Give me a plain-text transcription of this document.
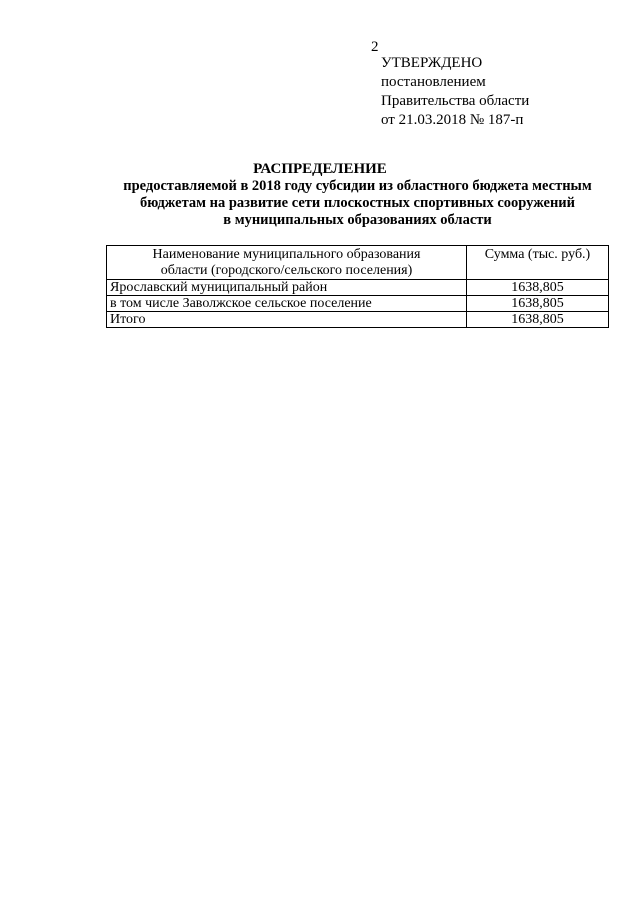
2
УТВЕРЖДЕНО
постановлением
Правительства области
от 21.03.2018 № 187-п
РАСПРЕДЕЛЕНИЕ
предоставляемой в 2018 году субсидии из областного бюджета местным
бюджетам на развитие сети плоскостных спортивных сооружений
в муниципальных образованиях области
Наименование муниципального образования
области (городского/сельского поселения)	Сумма (тыс. руб.)
Ярославский муниципальный район	1638,805
в том числе Заволжское сельское поселение	1638,805
Итого	1638,805
